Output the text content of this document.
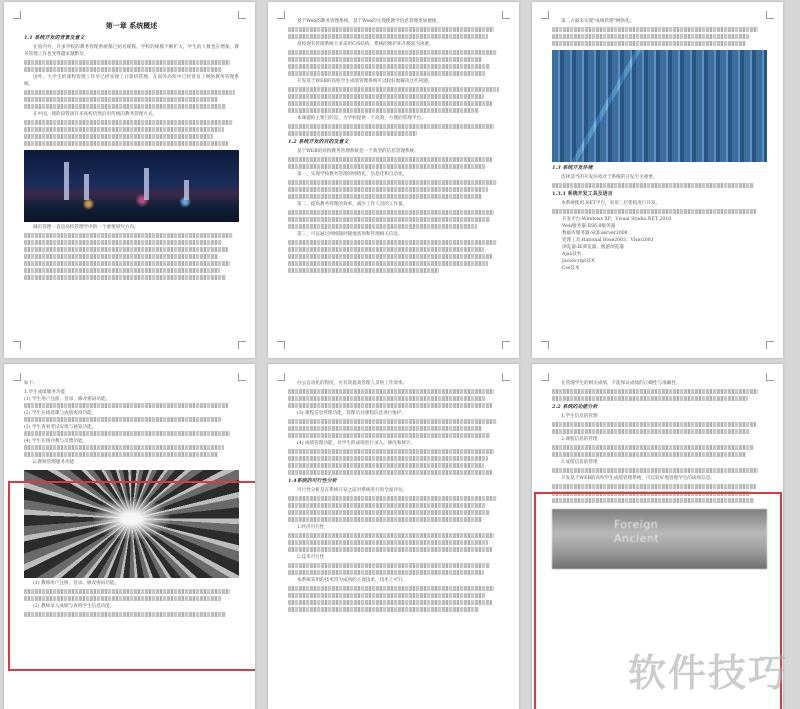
第一章 系统概述
1.1 系统开发的背景及意义
在国内外，许多学校的教务管理系统都已初具规模。学校的规模不断扩大，学生的人数也在增加，教务管理工作也变得越来越繁杂。
国外，大学生的课程管理工作早已经实现了计算机管理，在国外高校中已经普及了网络教务管理系统。
在中国，现阶段我国许多高校仍然沿用传统的教务管理方式。
城市管理一直是高校管理学中的一个重要研究方向。
基于Web的教务管理系统，基于Web的实现使教学信息管理更加便捷。
高校现有管理系统大多采用C/S结构，系统的维护和升级较为困难。
开发基于WEB的高校学生成绩管理系统可以较好地解决这些问题。
本课题的主要目的是，为学校提供一个高效、方便的管理平台。
1.2 系统开发的目的及意义
基于WEB的高校教务管理系统是一个典型的信息管理系统。
第一，实现学校教务管理的网络化、信息化和自动化。
第二，提高教务管理的效率，减少工作人员的工作量。
第三，可以通过网络随时随地查询和管理相关信息。
第二方面来实现"成绩管理"网络化。
1.3 系统开发环境
选择适当的开发环境对于系统的开发至关重要。
1.3.1 系统开发工具及语言
本系统使用.NET平台，采用三层架构进行开发。
开发平台:Windows XP、Visual Studio.NET 2010
Web服务器:IIS6.0服务器
数据库服务器:SQLserver2008
处理工具:Rational Rose2003、Visio2003
浏览器:IE浏览器、傲游浏览器
Ajax技术
JavaScript技术
Css技术
如下:
1.学生成绩服务功能
(1) 学生用户注册、登录、修改密码功能。
(2) 学生在线选课与成绩查询功能。
(3) 学生查看考试安排与通知功能。
(4) 学生在线评教与反馈功能。
2.教师管理服务功能
(1) 教师用户注册、登录、修改密码功能。
(2) 教师录入成绩与查询学生信息功能。
办公自动化的程度，可有效提高管理人员的工作效率。
(3) 课程信息管理功能，管理员对课程信息进行维护。
(4) 成绩管理功能，对学生的成绩进行录入、修改和统计。
1.4系统的可行性分析
可行性分析是在系统开发之前对系统进行的全面评估。
1.经济可行性
2.技术可行性
本系统采用的技术均为成熟的主流技术，技术上可行。
在管理学生的相关成绩，不能保证成绩的正确性与准确性。
2.2 系统的功能分析
1.学生信息的管理
2.课程信息的管理
3.成绩信息的管理
开发基于WEB的高校学生成绩管理系统，可以较好地管理学生的成绩信息。
Foreign
Ancient
软件技巧
